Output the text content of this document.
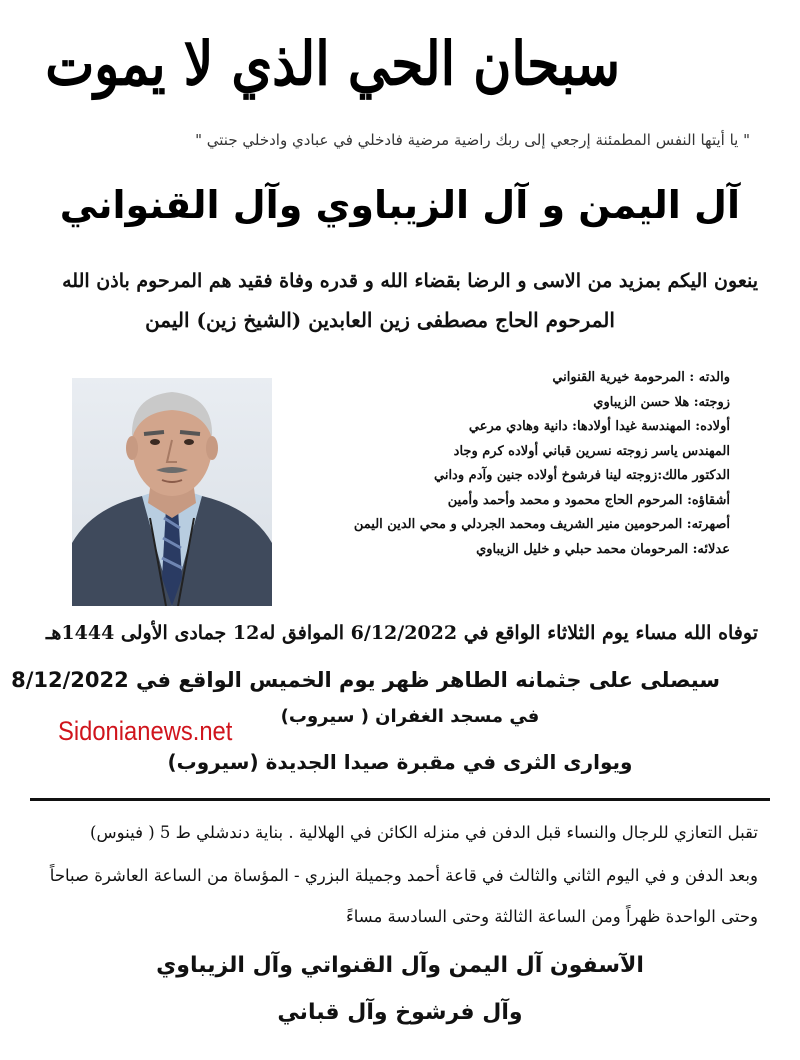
سبحان الحي الذي لا يموت
" يا أيتها النفس المطمئنة إرجعي إلى ربك راضية مرضية فادخلي في عبادي وادخلي جنتي "
آل اليمن و آل الزيباوي وآل القنواني
ينعون اليكم بمزيد من الاسى و الرضا بقضاء الله و قدره وفاة فقيد هم المرحوم باذن الله
المرحوم الحاج مصطفى زين العابدين (الشيخ زين) اليمن
والدته : المرحومة خيرية القنواني
زوجته: هلا حسن الزيباوي
أولاده: المهندسة غيدا أولادها: دانية وهادي مرعي
المهندس ياسر زوجته نسرين قباني أولاده كرم وجاد
الدكتور مالك:زوجته لينا فرشوخ أولاده جنين وآدم وداني
أشقاؤه: المرحوم الحاج محمود و محمد وأحمد وأمين
أصهرته: المرحومين منير الشريف ومحمد الجردلي و محي الدين اليمن
عدلائه: المرحومان محمد حبلي و خليل الزيباوي
توفاه الله مساء يوم الثلاثاء الواقع في 6/12/2022 الموافق له12 جمادى الأولى 1444هـ
سيصلى على جثمانه الطاهر ظهر يوم الخميس الواقع في 8/12/2022
في مسجد الغفران ( سيروب)
Sidonianews.net
ويوارى الثرى في مقبرة صيدا الجديدة (سيروب)
تقبل التعازي للرجال والنساء قبل الدفن في منزله الكائن في الهلالية . بناية دندشلي ط 5 ( فينوس)
وبعد الدفن و في اليوم الثاني والثالث في قاعة أحمد وجميلة البزري - المؤساة من الساعة العاشرة صباحاً
وحتى الواحدة ظهراً ومن الساعة الثالثة وحتى السادسة مساءً
الآسفون آل اليمن وآل القنواتي وآل الزيباوي
وآل فرشوخ وآل قباني
